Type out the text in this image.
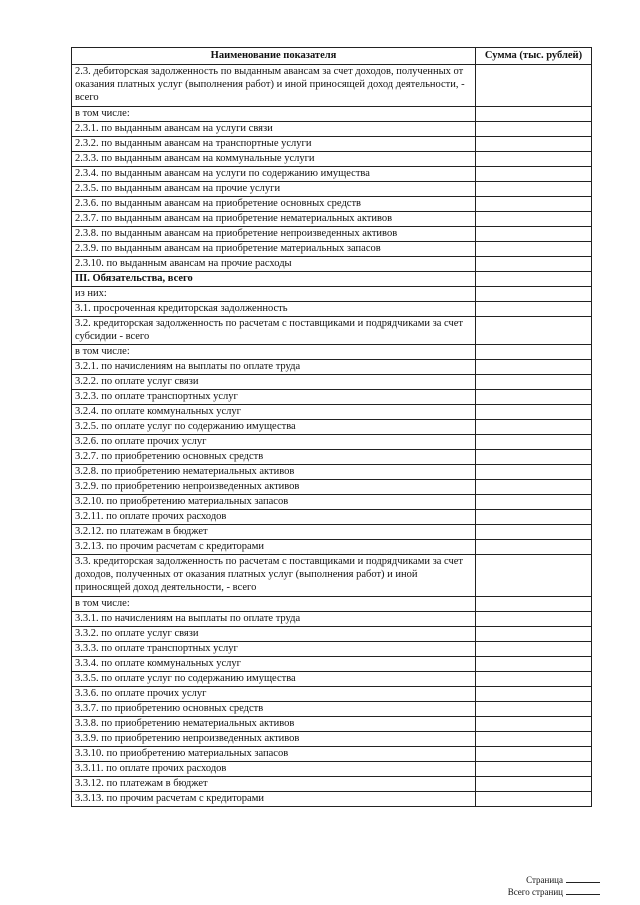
Наименование показателя	Сумма (тыс. рублей)
2.3. дебиторская задолженность по выданным авансам за счет доходов, полученных от оказания платных услуг (выполнения работ) и иной приносящей доход деятельности, - всего	
в том числе:	
2.3.1. по выданным авансам на услуги связи	
2.3.2. по выданным авансам на транспортные услуги	
2.3.3. по выданным авансам на коммунальные услуги	
2.3.4. по выданным авансам на услуги по содержанию имущества	
2.3.5. по выданным авансам на прочие услуги	
2.3.6. по выданным авансам на приобретение основных средств	
2.3.7. по выданным авансам на приобретение нематериальных активов	
2.3.8. по выданным авансам на приобретение непроизведенных активов	
2.3.9. по выданным авансам на приобретение материальных запасов	
2.3.10. по выданным авансам на прочие расходы	
III. Обязательства, всего	
из них:	
3.1. просроченная кредиторская задолженность	
3.2. кредиторская задолженность по расчетам с поставщиками и подрядчиками за счет субсидии - всего	
в том числе:	
3.2.1. по начислениям на выплаты по оплате труда	
3.2.2. по оплате услуг связи	
3.2.3. по оплате транспортных услуг	
3.2.4. по оплате коммунальных услуг	
3.2.5. по оплате услуг по содержанию имущества	
3.2.6. по оплате прочих услуг	
3.2.7. по приобретению основных средств	
3.2.8. по приобретению нематериальных активов	
3.2.9. по приобретению непроизведенных активов	
3.2.10. по приобретению материальных запасов	
3.2.11. по оплате прочих расходов	
3.2.12. по платежам в бюджет	
3.2.13. по прочим расчетам с кредиторами	
3.3. кредиторская задолженность по расчетам с поставщиками и подрядчиками за счет доходов, полученных от оказания платных услуг (выполнения работ) и иной приносящей доход деятельности, - всего	
в том числе:	
3.3.1. по начислениям на выплаты по оплате труда	
3.3.2. по оплате услуг связи	
3.3.3. по оплате транспортных услуг	
3.3.4. по оплате коммунальных услуг	
3.3.5. по оплате услуг по содержанию имущества	
3.3.6. по оплате прочих услуг	
3.3.7. по приобретению основных средств	
3.3.8. по приобретению нематериальных активов	
3.3.9. по приобретению непроизведенных активов	
3.3.10. по приобретению материальных запасов	
3.3.11. по оплате прочих расходов	
3.3.12. по платежам в бюджет	
3.3.13. по прочим расчетам с кредиторами	
Страница
Всего страниц
